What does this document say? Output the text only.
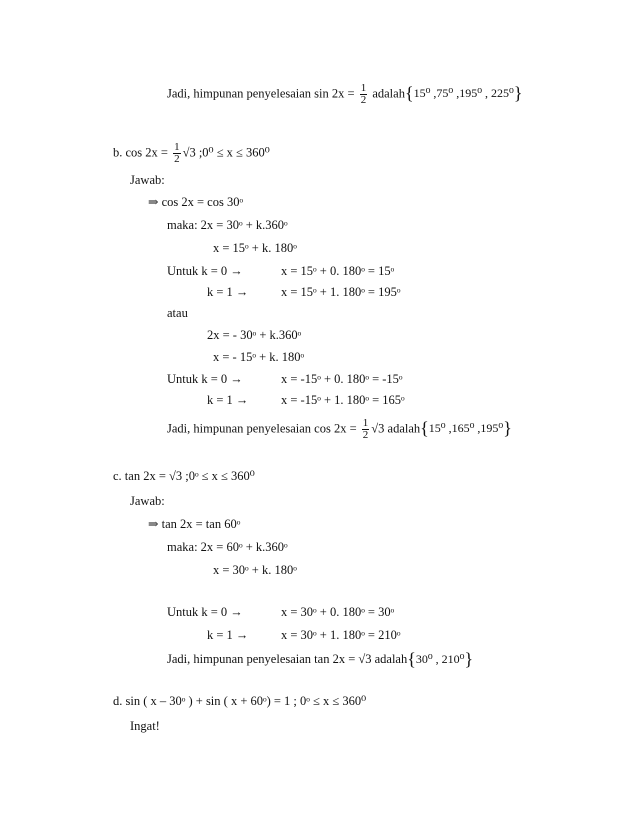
Jadi, himpunan penyelesaian $\sin 2x = \frac{1}{2}$ adalah{15⁰ ,75⁰ ,195⁰ , 225⁰}
b. $\cos 2x = \frac{1}{2} √3$ ;0⁰ ≤ x ≤ 360⁰
Jawab:
⇒ cos 2x = cos 30ᵒ
maka: 2x = 30ᵒ + k.360ᵒ
x = 15ᵒ + k. 180ᵒ
Untuk k = 0 →	x = 15ᵒ + 0. 180ᵒ = 15ᵒ
k = 1 →	x = 15ᵒ + 1. 180ᵒ = 195ᵒ
atau
2x = - 30ᵒ + k.360ᵒ
x = - 15ᵒ + k. 180ᵒ
Untuk k = 0 →	x = -15ᵒ + 0. 180ᵒ = -15ᵒ
k = 1 →	x = -15ᵒ + 1. 180ᵒ = 165ᵒ
Jadi, himpunan penyelesaian $\cos 2x = \frac{1}{2} √3$ adalah{15⁰ ,165⁰ ,195⁰}
c. tan 2x = √3 ;0ᵒ ≤ x ≤ 360⁰
Jawab:
⇒ tan 2x = tan 60ᵒ
maka: 2x = 60ᵒ + k.360ᵒ
x = 30ᵒ + k. 180ᵒ
Untuk k = 0 →	x = 30ᵒ + 0. 180ᵒ = 30ᵒ
k = 1 →	x = 30ᵒ + 1. 180ᵒ = 210ᵒ
Jadi, himpunan penyelesaian tan 2x = √3 adalah{30⁰ , 210⁰}
d. sin ( x – 30ᵒ ) + sin ( x + 60ᵒ) = 1 ; 0ᵒ ≤ x ≤ 360⁰
Ingat!
